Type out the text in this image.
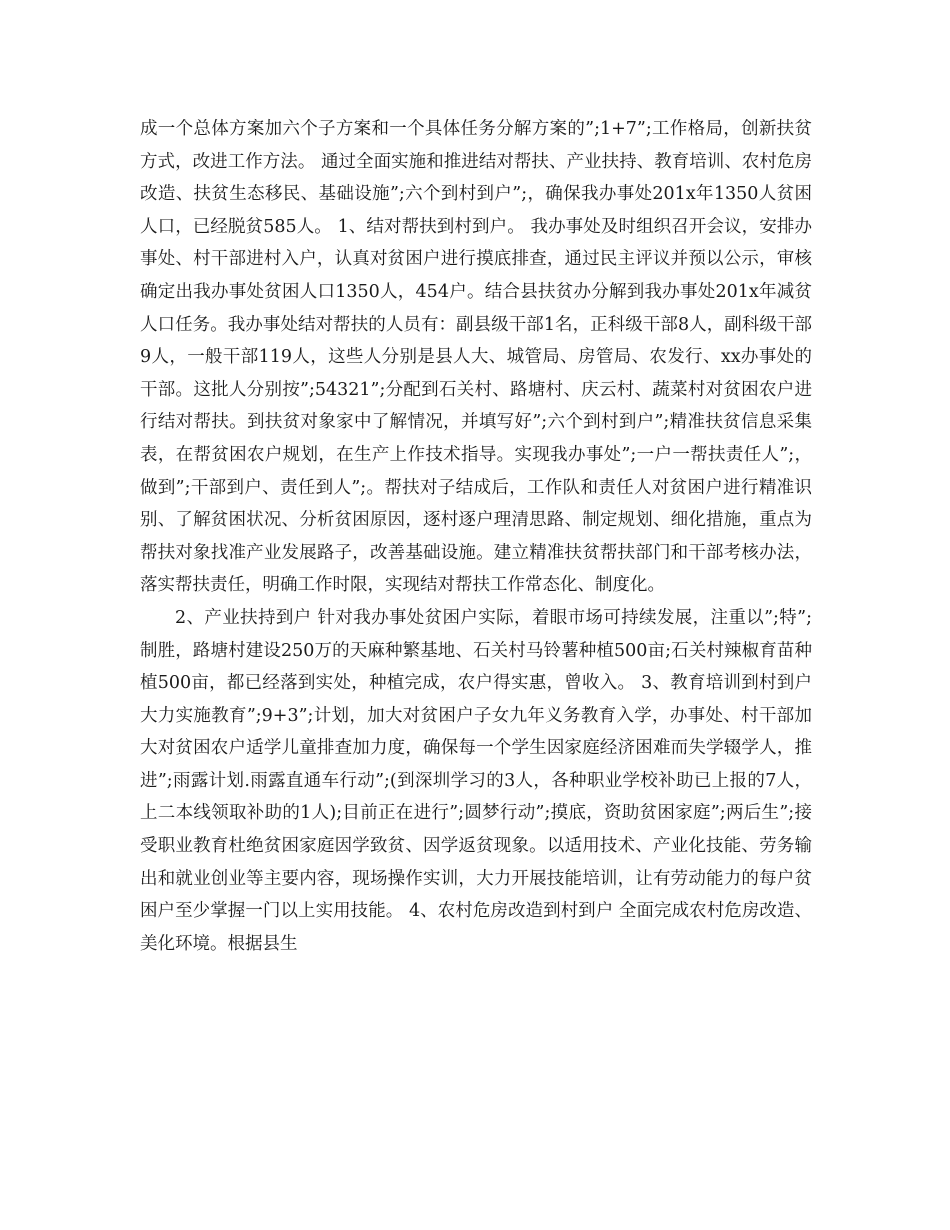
成一个总体方案加六个子方案和一个具体任务分解方案的”;1+7”;工作格局，创新扶贫方式，改进工作方法。 通过全面实施和推进结对帮扶、产业扶持、教育培训、农村危房改造、扶贫生态移民、基础设施”;六个到村到户”;，确保我办事处201x年1350人贫困人口，已经脱贫585人。 1、结对帮扶到村到户。 我办事处及时组织召开会议，安排办事处、村干部进村入户，认真对贫困户进行摸底排查，通过民主评议并预以公示，审核确定出我办事处贫困人口1350人，454户。结合县扶贫办分解到我办事处201x年减贫人口任务。我办事处结对帮扶的人员有：副县级干部1名，正科级干部8人，副科级干部9人，一般干部119人，这些人分别是县人大、城管局、房管局、农发行、xx办事处的干部。这批人分别按”;54321”;分配到石关村、路塘村、庆云村、蔬菜村对贫困农户进行结对帮扶。到扶贫对象家中了解情况，并填写好”;六个到村到户”;精准扶贫信息采集表，在帮贫困农户规划，在生产上作技术指导。实现我办事处”;一户一帮扶责任人”;，做到”;干部到户、责任到人”;。帮扶对子结成后，工作队和责任人对贫困户进行精准识别、了解贫困状况、分析贫困原因，逐村逐户理清思路、制定规划、细化措施，重点为帮扶对象找准产业发展路子，改善基础设施。建立精准扶贫帮扶部门和干部考核办法，落实帮扶责任，明确工作时限，实现结对帮扶工作常态化、制度化。

2、产业扶持到户 针对我办事处贫困户实际，着眼市场可持续发展，注重以”;特”;制胜，路塘村建设250万的天麻种繁基地、石关村马铃薯种植500亩;石关村辣椒育苗种植500亩，都已经落到实处，种植完成，农户得实惠，曾收入。 3、教育培训到村到户 大力实施教育”;9+3”;计划，加大对贫困户子女九年义务教育入学，办事处、村干部加大对贫困农户适学儿童排查加力度，确保每一个学生因家庭经济困难而失学辍学人，推进”;雨露计划.雨露直通车行动”;(到深圳学习的3人，各种职业学校补助已上报的7人，上二本线领取补助的1人);目前正在进行”;圆梦行动”;摸底，资助贫困家庭”;两后生”;接受职业教育杜绝贫困家庭因学致贫、因学返贫现象。以适用技术、产业化技能、劳务输出和就业创业等主要内容，现场操作实训，大力开展技能培训，让有劳动能力的每户贫困户至少掌握一门以上实用技能。 4、农村危房改造到村到户 全面完成农村危房改造、美化环境。根据县生
